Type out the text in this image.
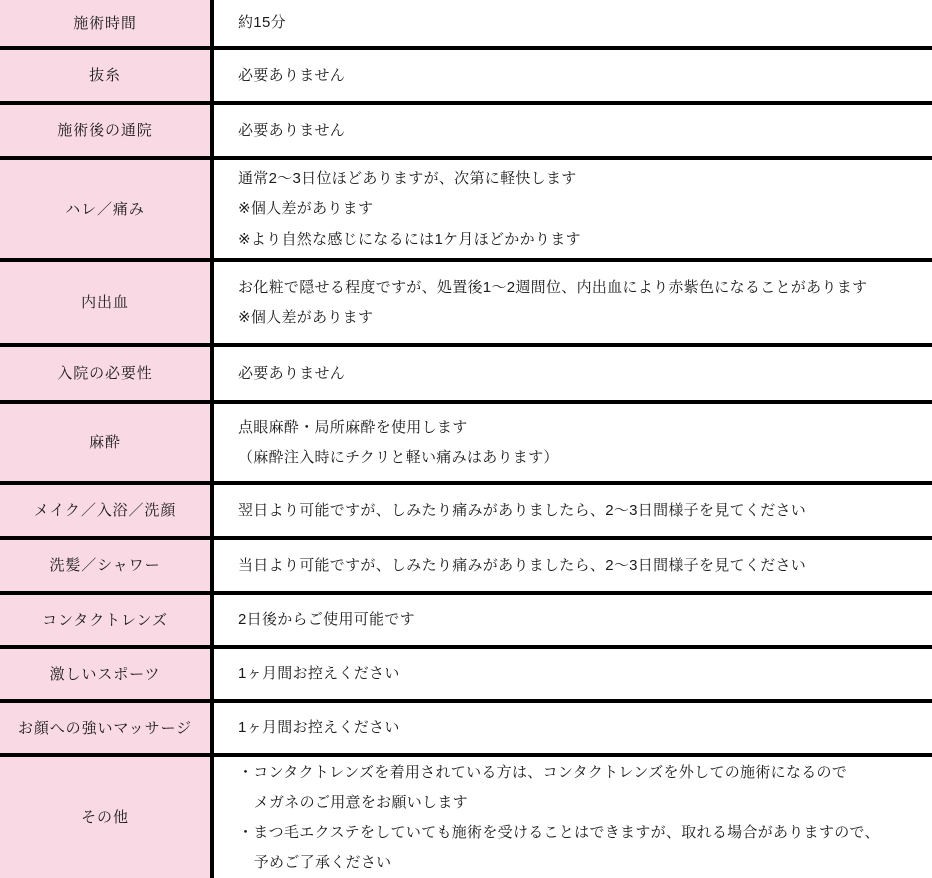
施術時間	約15分

抜糸	必要ありません

施術後の通院	必要ありません

ハレ／痛み	通常2〜3日位ほどありますが、次第に軽快します
※個人差があります
※より自然な感じになるには1ケ月ほどかかります

内出血	お化粧で隠せる程度ですが、処置後1〜2週間位、内出血により赤紫色になることがあります
※個人差があります

入院の必要性	必要ありません

麻酔	点眼麻酔・局所麻酔を使用します
（麻酔注入時にチクリと軽い痛みはあります）

メイク／入浴／洗顔	翌日より可能ですが、しみたり痛みがありましたら、2〜3日間様子を見てください

洗髪／シャワー	当日より可能ですが、しみたり痛みがありましたら、2〜3日間様子を見てください

コンタクトレンズ	2日後からご使用可能です

激しいスポーツ	1ヶ月間お控えください

お顔への強いマッサージ	1ヶ月間お控えください

その他	・コンタクトレンズを着用されている方は、コンタクトレンズを外しての施術になるので
メガネのご用意をお願いします
・まつ毛エクステをしていても施術を受けることはできますが、取れる場合がありますので、
予めご了承ください
